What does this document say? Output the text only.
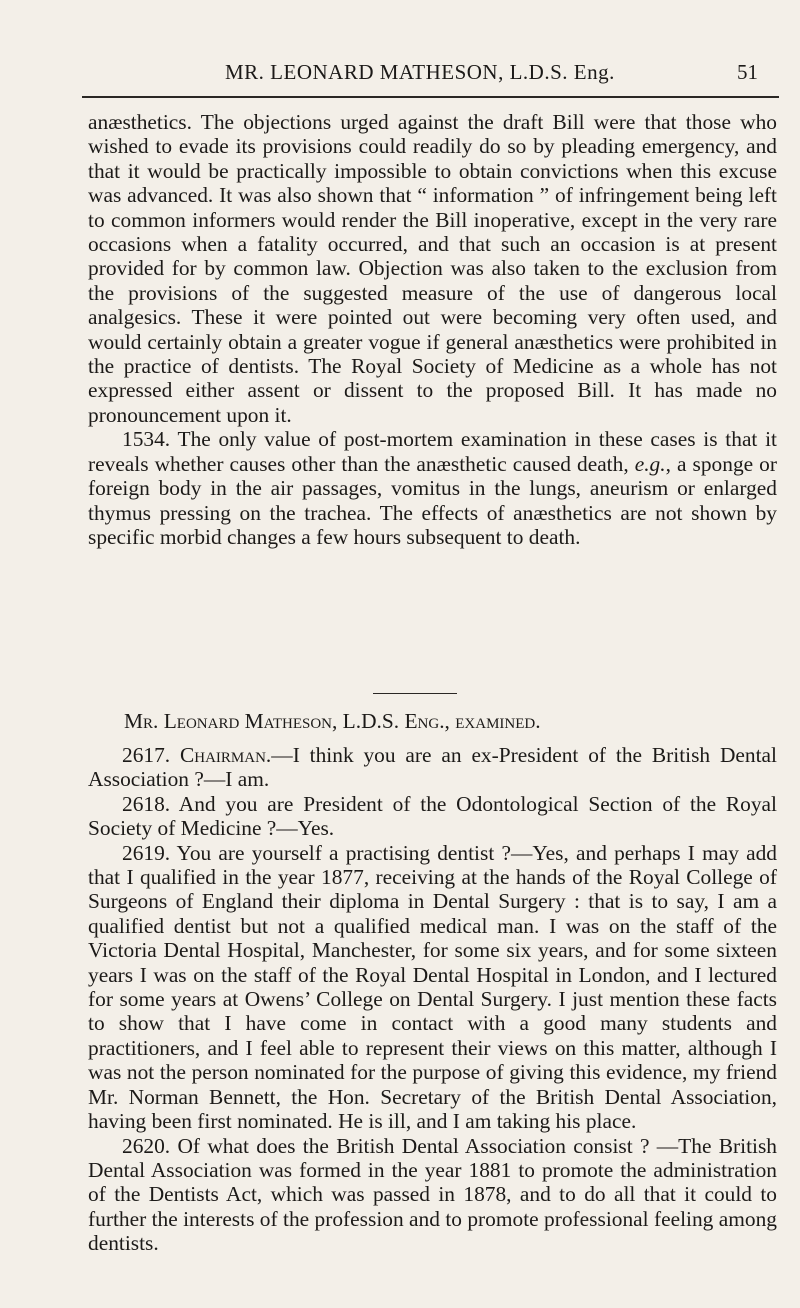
MR. LEONARD MATHESON, L.D.S. Eng.	51

anæsthetics. The objections urged against the draft Bill were that those who wished to evade its provisions could readily do so by pleading emergency, and that it would be practically impossible to obtain convictions when this excuse was advanced. It was also shown that “ information ” of infringement being left to common informers would render the Bill inoperative, except in the very rare occasions when a fatality occurred, and that such an occasion is at present provided for by common law. Objection was also taken to the exclusion from the provisions of the suggested measure of the use of dangerous local analgesics. These it were pointed out were becoming very often used, and would certainly obtain a greater vogue if general anæsthetics were prohibited in the practice of dentists. The Royal Society of Medicine as a whole has not expressed either assent or dissent to the proposed Bill. It has made no pronouncement upon it.

1534. The only value of post-mortem examination in these cases is that it reveals whether causes other than the anæsthetic caused death, e.g., a sponge or foreign body in the air passages, vomitus in the lungs, aneurism or enlarged thymus pressing on the trachea. The effects of anæsthetics are not shown by specific morbid changes a few hours subsequent to death.

Mr. Leonard Matheson, L.D.S. Eng., examined.

2617. Chairman.—I think you are an ex-President of the British Dental Association ?—I am.

2618. And you are President of the Odontological Section of the Royal Society of Medicine ?—Yes.

2619. You are yourself a practising dentist ?—Yes, and perhaps I may add that I qualified in the year 1877, receiving at the hands of the Royal College of Surgeons of England their diploma in Dental Surgery : that is to say, I am a qualified dentist but not a qualified medical man. I was on the staff of the Victoria Dental Hospital, Manchester, for some six years, and for some sixteen years I was on the staff of the Royal Dental Hospital in London, and I lectured for some years at Owens’ College on Dental Surgery. I just mention these facts to show that I have come in contact with a good many students and practitioners, and I feel able to represent their views on this matter, although I was not the person nominated for the purpose of giving this evidence, my friend Mr. Norman Bennett, the Hon. Secretary of the British Dental Association, having been first nominated. He is ill, and I am taking his place.

2620. Of what does the British Dental Association consist ? —The British Dental Association was formed in the year 1881 to promote the administration of the Dentists Act, which was passed in 1878, and to do all that it could to further the interests of the profession and to promote professional feeling among dentists.
